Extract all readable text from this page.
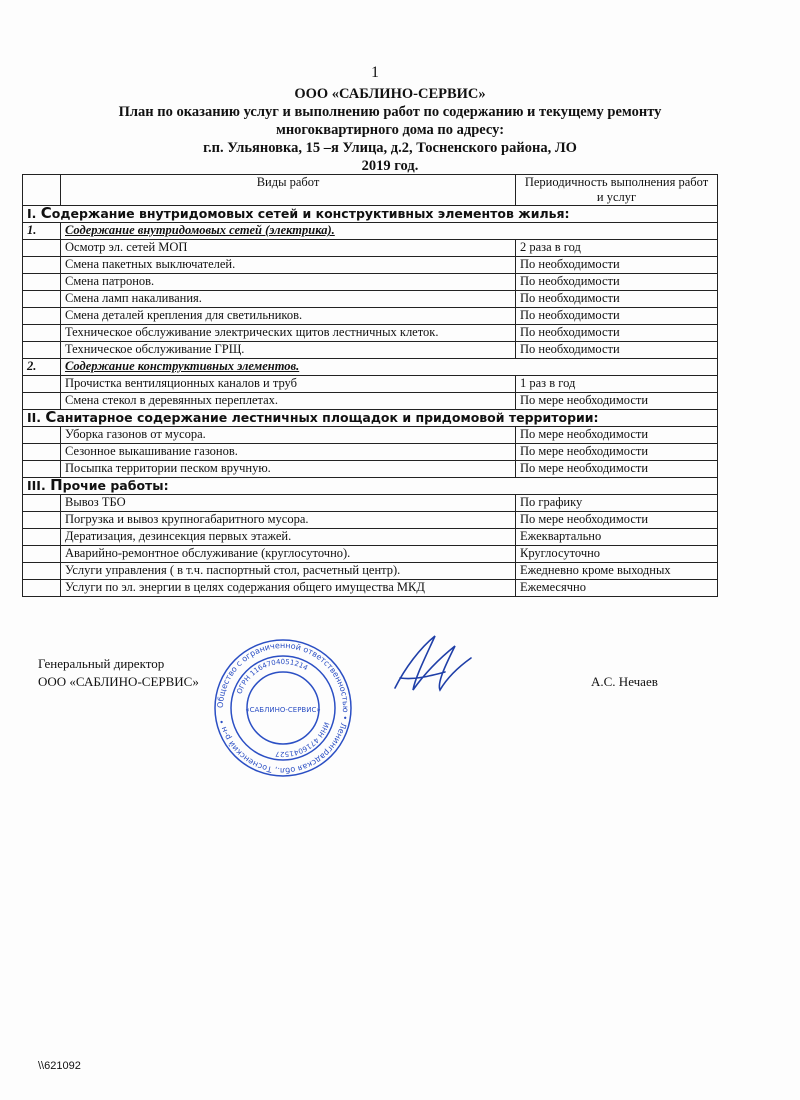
1
ООО «САБЛИНО-СЕРВИС»
План по оказанию услуг и выполнению работ по содержанию и текущему ремонту
многоквартирного дома по адресу:
г.п. Ульяновка, 15 –я Улица, д.2, Тосненского района, ЛО
2019 год.
	Виды работ	Периодичность выполнения работ и услуг
I. Содержание внутридомовых сетей и конструктивных элементов жилья:		
1.	Содержание внутридомовых сетей (электрика).	
	Осмотр эл. сетей МОП	2 раза в год
	Смена пакетных выключателей.	По необходимости
	Смена патронов.	По необходимости
	Смена ламп накаливания.	По необходимости
	Смена деталей крепления для светильников.	По необходимости
	Техническое обслуживание электрических щитов лестничных клеток.	По необходимости
	Техническое обслуживание ГРЩ.	По необходимости
2.	Содержание конструктивных элементов.	
	Прочистка вентиляционных каналов и труб	1 раз в год
	Смена стекол в деревянных переплетах.	По мере необходимости
II. Санитарное содержание лестничных площадок и придомовой территории:		
	Уборка газонов от мусора.	По мере необходимости
	Сезонное выкашивание газонов.	По мере необходимости
	Посыпка территории песком вручную.	По мере необходимости
III. Прочие работы:		
	Вывоз ТБО	По графику
	Погрузка и вывоз крупногабаритного мусора.	По мере необходимости
	Дератизация, дезинсекция первых этажей.	Ежеквартально
	Аварийно-ремонтное обслуживание (круглосуточно).	Круглосуточно
	Услуги управления ( в т.ч. паспортный стол, расчетный центр).	Ежедневно кроме выходных
	Услуги по эл. энергии в целях содержания общего имущества МКД	Ежемесячно
Генеральный директор
ООО «САБЛИНО-СЕРВИС»	А.С. Нечаев
Общество с ограниченной ответственностью • Ленинградская обл., Тосненский р-н •
ОГРН 1164704051214
ИНН 4716041527
«САБЛИНО-СЕРВИС»
\\621092
